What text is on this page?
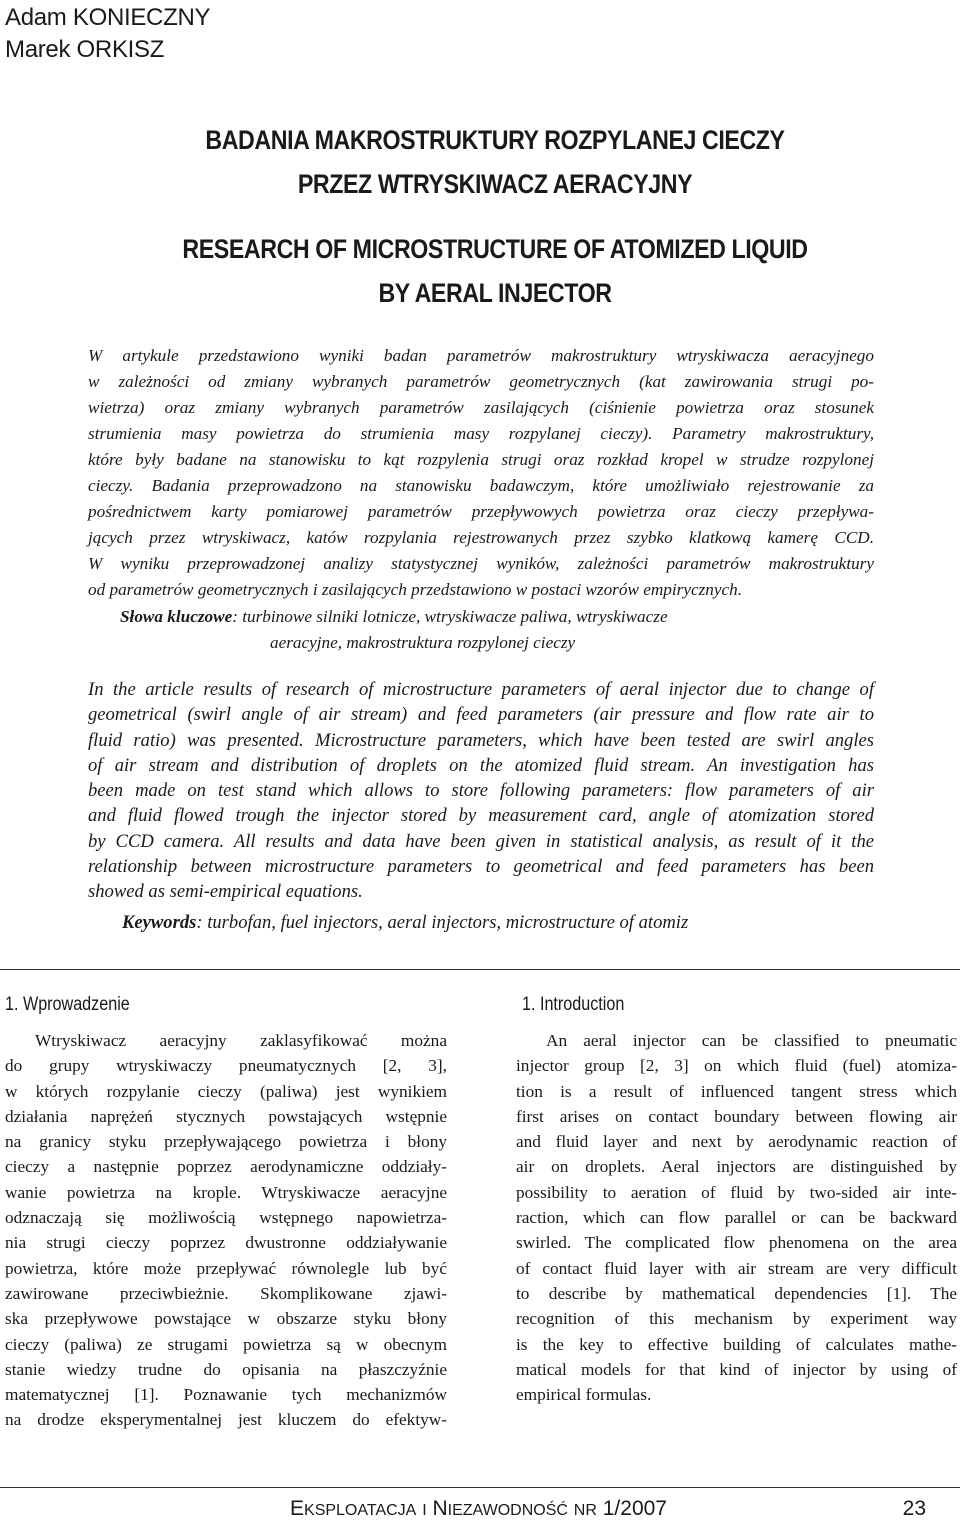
Adam KONIECZNY
Marek ORKISZ
BADANIA MAKROSTRUKTURY ROZPYLANEJ CIECZY
PRZEZ WTRYSKIWACZ AERACYJNY
RESEARCH OF MICROSTRUCTURE OF ATOMIZED LIQUID
BY AERAL INJECTOR
W artykule przedstawiono wyniki badan parametrów makrostruktury wtryskiwacza aeracyjnego
w zależności od zmiany wybranych parametrów geometrycznych (kat zawirowania strugi po-
wietrza) oraz zmiany wybranych parametrów zasilających (ciśnienie powietrza oraz stosunek
strumienia masy powietrza do strumienia masy rozpylanej cieczy). Parametry makrostruktury,
które były badane na stanowisku to kąt rozpylenia strugi oraz rozkład kropel w strudze rozpylonej
cieczy. Badania przeprowadzono na stanowisku badawczym, które umożliwiało rejestrowanie za
pośrednictwem karty pomiarowej parametrów przepływowych powietrza oraz cieczy przepływa-
jących przez wtryskiwacz, katów rozpylania rejestrowanych przez szybko klatkową kamerę CCD.
W wyniku przeprowadzonej analizy statystycznej wyników, zależności parametrów makrostruktury
od parametrów geometrycznych i zasilających przedstawiono w postaci wzorów empirycznych.
Słowa kluczowe: turbinowe silniki lotnicze, wtryskiwacze paliwa, wtryskiwacze
aeracyjne, makrostruktura rozpylonej cieczy
In the article results of research of microstructure parameters of aeral injector due to change of
geometrical (swirl angle of air stream) and feed parameters (air pressure and flow rate air to
fluid ratio) was presented. Microstructure parameters, which have been tested are swirl angles
of air stream and distribution of droplets on the atomized fluid stream. An investigation has
been made on test stand which allows to store following parameters: flow parameters of air
and fluid flowed trough the injector stored by measurement card, angle of atomization stored
by CCD camera. All results and data have been given in statistical analysis, as result of it the
relationship between microstructure parameters to geometrical and feed parameters has been
showed as semi-empirical equations.
Keywords: turbofan, fuel injectors, aeral injectors, microstructure of atomiz
1. Wprowadzenie	1. Introduction
Wtryskiwacz aeracyjny zaklasyfikować można
do grupy wtryskiwaczy pneumatycznych [2, 3],
w których rozpylanie cieczy (paliwa) jest wynikiem
działania naprężeń stycznych powstających wstępnie
na granicy styku przepływającego powietrza i błony
cieczy a następnie poprzez aerodynamiczne oddziały-
wanie powietrza na krople. Wtryskiwacze aeracyjne
odznaczają się możliwością wstępnego napowietrza-
nia strugi cieczy poprzez dwustronne oddziaływanie
powietrza, które może przepływać równolegle lub być
zawirowane przeciwbieżnie. Skomplikowane zjawi-
ska przepływowe powstające w obszarze styku błony
cieczy (paliwa) ze strugami powietrza są w obecnym
stanie wiedzy trudne do opisania na płaszczyźnie
matematycznej [1]. Poznawanie tych mechanizmów
na drodze eksperymentalnej jest kluczem do efektyw-
An aeral injector can be classified to pneumatic
injector group [2, 3] on which fluid (fuel) atomiza-
tion is a result of influenced tangent stress which
first arises on contact boundary between flowing air
and fluid layer and next by aerodynamic reaction of
air on droplets. Aeral injectors are distinguished by
possibility to aeration of fluid by two-sided air inte-
raction, which can flow parallel or can be backward
swirled. The complicated flow phenomena on the area
of contact fluid layer with air stream are very difficult
to describe by mathematical dependencies [1]. The
recognition of this mechanism by experiment way
is the key to effective building of calculates mathe-
matical models for that kind of injector by using of
empirical formulas.
EKSPLOATACJA I NIEZAWODNOŚĆ NR 1/2007	23
